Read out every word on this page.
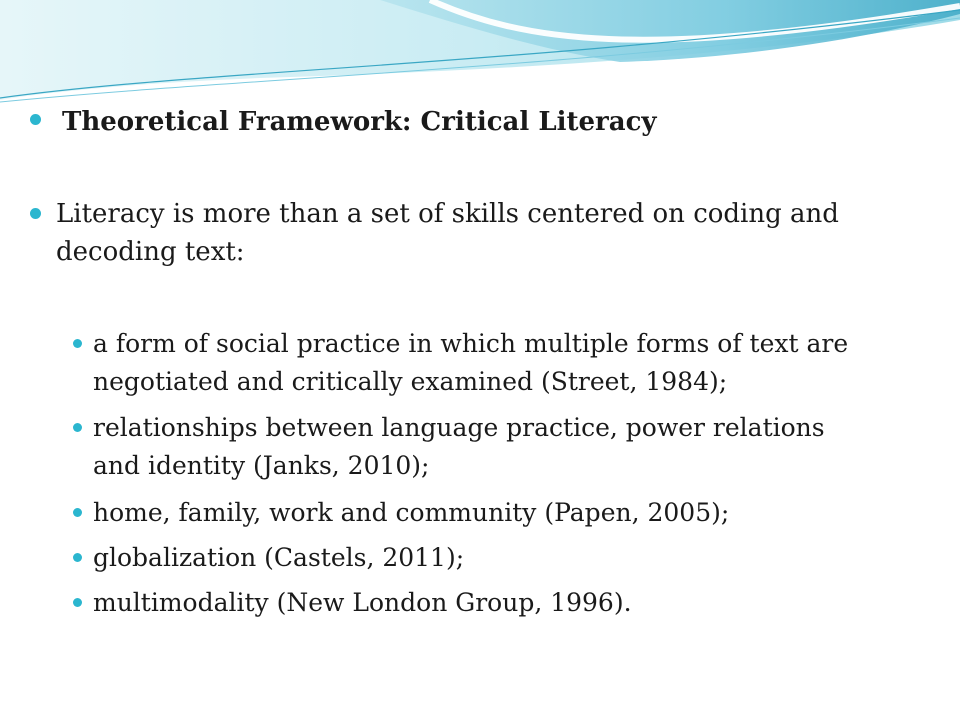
Theoretical Framework: Critical Literacy
Literacy is more than a set of skills centered on coding and
decoding text:
a form of social practice in which multiple forms of text are
negotiated and critically examined (Street, 1984);
relationships between language practice, power relations
and identity (Janks, 2010);
home, family, work and community (Papen, 2005);
globalization (Castels, 2011);
multimodality (New London Group, 1996).
